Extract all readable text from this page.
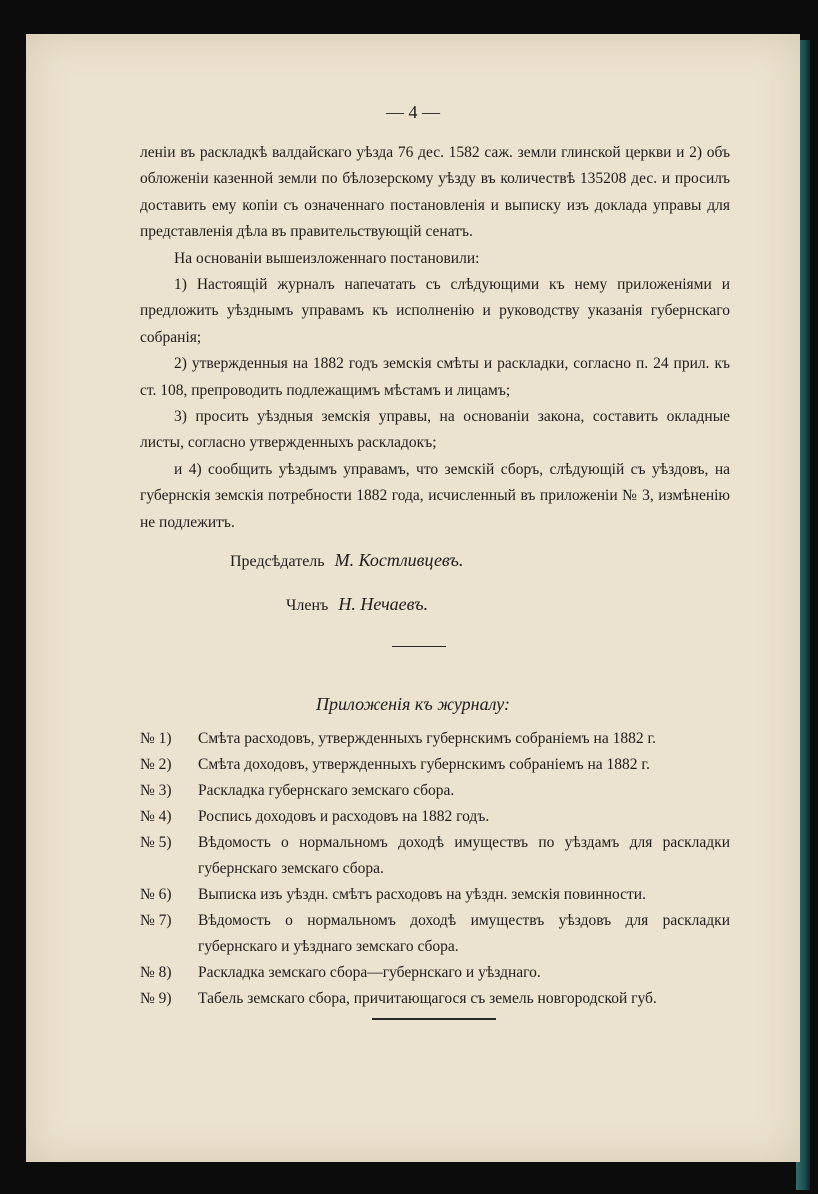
— 4 —

леніи въ раскладкѣ валдайскаго уѣзда 76 дес. 1582 саж. земли глинской церкви и 2) объ обложеніи казенной земли по бѣлозерскому уѣзду въ количествѣ 135208 дес. и просилъ доставить ему копіи съ означеннаго постановленія и выписку изъ доклада управы для представленія дѣла въ правительствующій сенатъ.

На основаніи вышеизложеннаго постановили:

1) Настоящій журналъ напечатать съ слѣдующими къ нему приложеніями и предложить уѣзднымъ управамъ къ исполненію и руководству указанія губернскаго собранія;

2) утвержденныя на 1882 годъ земскія смѣты и раскладки, согласно п. 24 прил. къ ст. 108, препроводить подлежащимъ мѣстамъ и лицамъ;

3) просить уѣздныя земскія управы, на основаніи закона, составить окладные листы, согласно утвержденныхъ раскладокъ;

и 4) сообщить уѣздымъ управамъ, что земскій сборъ, слѣдующій съ уѣздовъ, на губернскія земскія потребности 1882 года, исчисленный въ приложеніи № 3, измѣненію не подлежитъ.

Предсѣдатель М. Костливцевъ.
Членъ Н. Нечаевъ.
Приложенія къ журналу:
№ 1)	Смѣта расходовъ, утвержденныхъ губернскимъ собраніемъ на 1882 г.
№ 2)	Смѣта доходовъ, утвержденныхъ губернскимъ собраніемъ на 1882 г.
№ 3)	Раскладка губернскаго земскаго сбора.
№ 4)	Роспись доходовъ и расходовъ на 1882 годъ.
№ 5)	Вѣдомость о нормальномъ доходѣ имуществъ по уѣздамъ для раскладки губернскаго земскаго сбора.
№ 6)	Выписка изъ уѣздн. смѣтъ расходовъ на уѣздн. земскія повинности.
№ 7)	Вѣдомость о нормальномъ доходѣ имуществъ уѣздовъ для раскладки губернскаго и уѣзднаго земскаго сбора.
№ 8)	Раскладка земскаго сбора—губернскаго и уѣзднаго.
№ 9)	Табель земскаго сбора, причитающагося съ земель новгородской губ.
